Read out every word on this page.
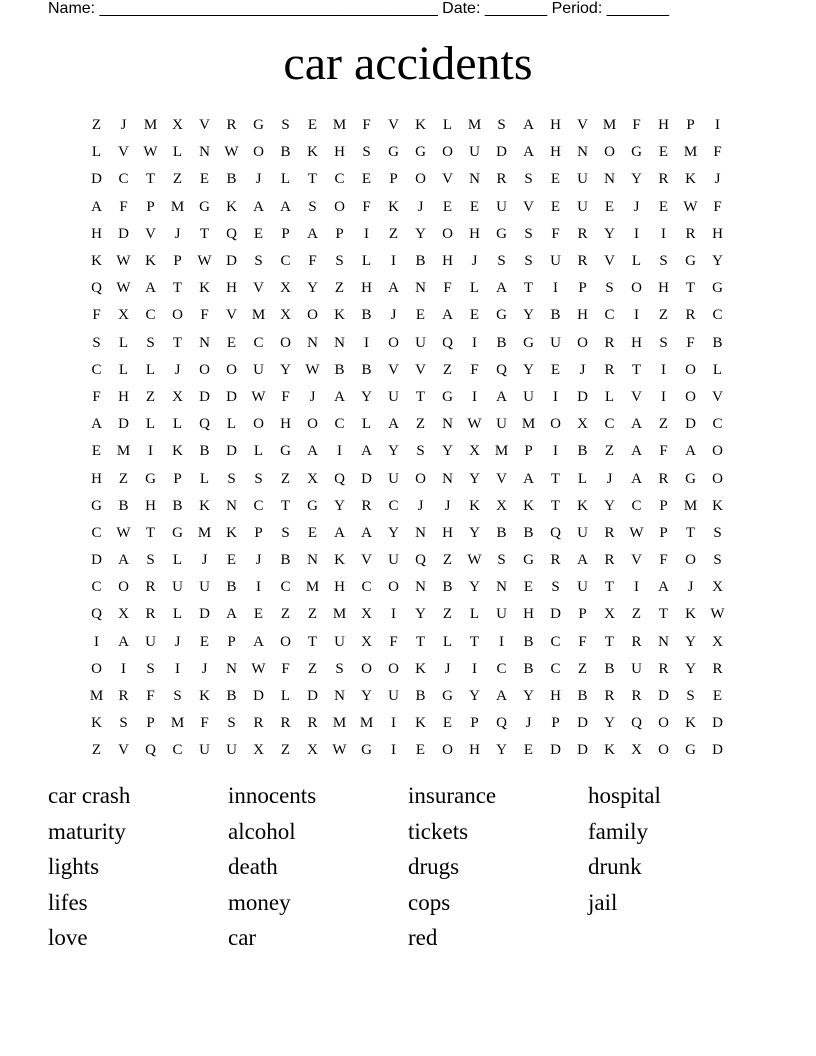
Name: ______________________________________ Date: _______ Period: _______
car accidents
Z	J	M X	V	R	G	S	E	M	F	V	K	L	M	S	A	H	V M	F	H	P	I
L	V W	L	N W O	B	K	H	S	G	G	O	U	D	A	H	N	O	G	E	M	F
D	C	T	Z	E	B	J	L	T	C	E	P	O	V	N	R	S	E	U	N	Y	R	K	J
A	F	P	M G	K	A	A	S	O	F	K	J	E	E	U	V	E	U	E	J	E	W	F
H	D	V	J	T	Q	E	P	A	P	I	Z	Y	O	H	G	S	F	R	Y	I	I	R	H
K W K	P	W D	S	C	F	S	L	I	B	H	J	S	S	U	R	V	L	S	G	Y
Q W A	T	K	H	V	X	Y	Z	H	A	N	F	L	A	T	I	P	S	O	H	T	G
F	X	C	O	F	V M X	O	K	B	J	E	A	E	G	Y	B	H	C	I	Z	R	C
S	L	S	T	N	E	C	O	N	N	I	O	U	Q	I	B	G	U	O	R	H	S	F	B
C	L	L	J	O	O	U	Y W B	B	V	V	Z	F	Q	Y	E	J	R	T	I	O	L
F	H	Z	X	D	D W	F	J	A	Y	U	T	G	I	A	U	I	D	L	V	I	O	V
A	D	L	L	Q	L	O	H	O	C	L	A	Z	N W U M O	X	C	A	Z	D	C
E	M	I	K	B	D	L	G	A	I	A	Y	S	Y	X M	P	I	B	Z	A	F	A	O
H	Z	G	P	L	S	S	Z	X	Q	D	U	O	N	Y	V	A	T	L	J	A	R	G	O
G	B	H	B	K	N	C	T	G	Y	R	C	J	J	K	X	K	T	K	Y	C	P	M K
C W	T	G M K	P	S	E	A	A	Y	N	H	Y	B	B	Q	U	R W	P	T	S
D	A	S	L	J	E	J	B	N	K	V	U	Q	Z	W	S	G	R	A	R	V	F	O	S
C	O	R	U	U	B	I	C	M H	C	O	N	B	Y	N	E	S	U	T	I	A	J	X
Q	X	R	L	D	A	E	Z	Z	M X	I	Y	Z	L	U	H	D	P	X	Z	T	K W
I	A	U	J	E	P	A	O	T	U	X	F	T	L	T	I	B	C	F	T	R	N	Y	X
O	I	S	I	J	N W	F	Z	S	O	O	K	J	I	C	B	C	Z	B	U	R	Y	R
M	R	F	S	K	B	D	L	D	N	Y	U	B	G	Y	A	Y	H	B	R	R	D	S	E
K	S	P	M	F	S	R	R	R	M M	I	K	E	P	Q	J	P	D	Y	Q	O	K	D
Z	V	Q	C	U	U	X	Z	X W G	I	E	O	H	Y	E	D	D	K	X	O	G	D
car crash
maturity
lights
lifes
love
innocents
alcohol
death
money
car
insurance
tickets
drugs
cops
red
hospital
family
drunk
jail
